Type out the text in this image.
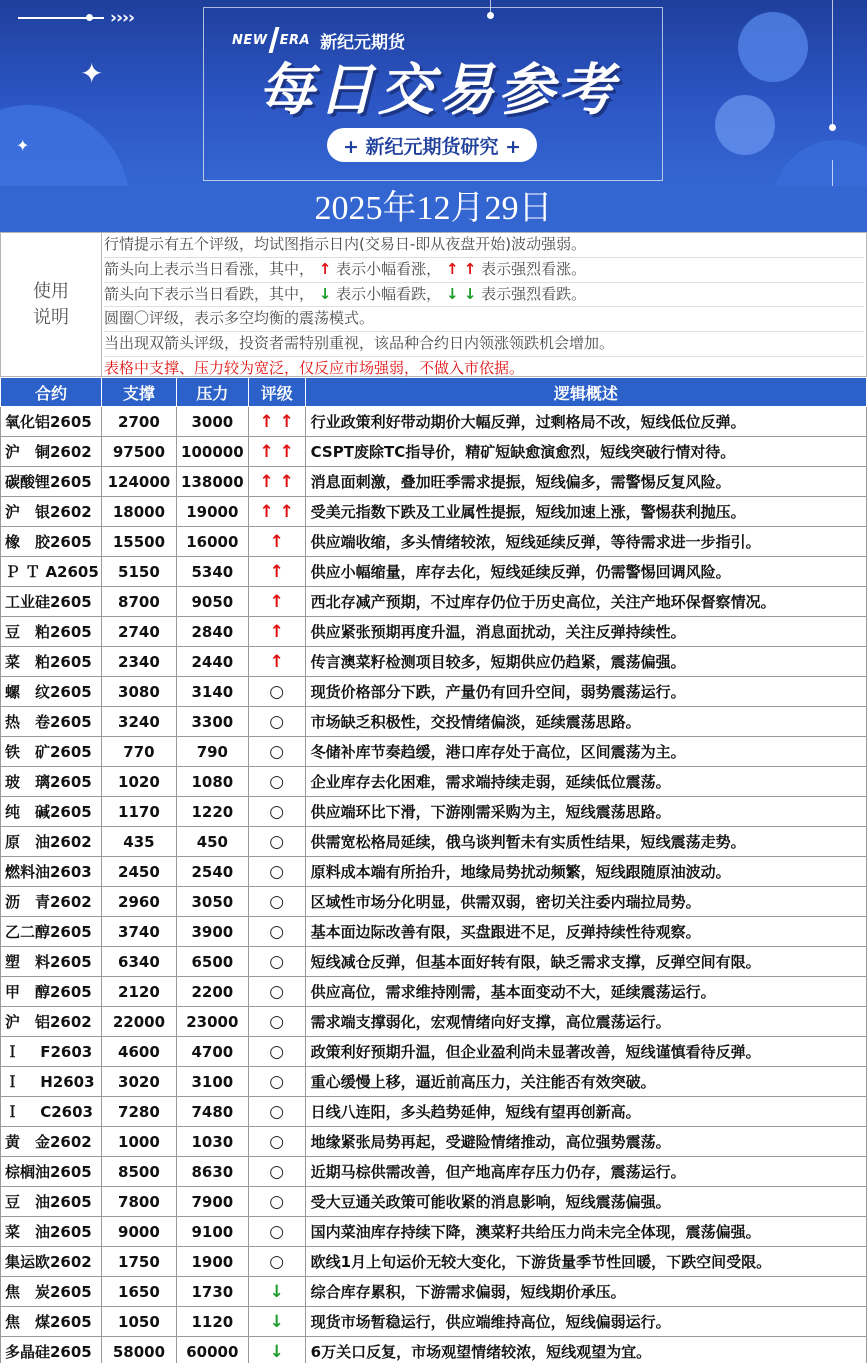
››››
✦
✦
NEW ERA 新纪元期货
每日交易参考
+ 新纪元期货研究 +
2025年12月29日
使用
说明
行情提示有五个评级，均试图指示日内(交易日-即从夜盘开始)波动强弱。
箭头向上表示当日看涨，其中， ↑ 表示小幅看涨， ↑ ↑ 表示强烈看涨。
箭头向下表示当日看跌，其中， ↓ 表示小幅看跌， ↓ ↓ 表示强烈看跌。
圆圈〇评级，表示多空均衡的震荡模式。
当出现双箭头评级，投资者需特别重视，该品种合约日内领涨领跌机会增加。
表格中支撑、压力较为宽泛，仅反应市场强弱，不做入市依据。
合约	支撑	压力	评级	逻辑概述
氧化铝2605	2700	3000	↑ ↑	行业政策利好带动期价大幅反弹，过剩格局不改，短线低位反弹。
沪　铜2602	97500	100000	↑ ↑	CSPT废除TC指导价，精矿短缺愈演愈烈，短线突破行情对待。
碳酸锂2605	124000	138000	↑ ↑	消息面刺激，叠加旺季需求提振，短线偏多，需警惕反复风险。
沪　银2602	18000	19000	↑ ↑	受美元指数下跌及工业属性提振，短线加速上涨，警惕获利抛压。
橡　胶2605	15500	16000	↑	供应端收缩，多头情绪较浓，短线延续反弹，等待需求进一步指引。
Ｐ Ｔ A2605	5150	5340	↑	供应小幅缩量，库存去化，短线延续反弹，仍需警惕回调风险。
工业硅2605	8700	9050	↑	西北存减产预期，不过库存仍位于历史高位，关注产地环保督察情况。
豆　粕2605	2740	2840	↑	供应紧张预期再度升温，消息面扰动，关注反弹持续性。
菜　粕2605	2340	2440	↑	传言澳菜籽检测项目较多，短期供应仍趋紧，震荡偏强。
螺　纹2605	3080	3140	○	现货价格部分下跌，产量仍有回升空间，弱势震荡运行。
热　卷2605	3240	3300	○	市场缺乏积极性，交投情绪偏淡，延续震荡思路。
铁　矿2605	770	790	○	冬储补库节奏趋缓，港口库存处于高位，区间震荡为主。
玻　璃2605	1020	1080	○	企业库存去化困难，需求端持续走弱，延续低位震荡。
纯　碱2605	1170	1220	○	供应端环比下滑，下游刚需采购为主，短线震荡思路。
原　油2602	435	450	○	供需宽松格局延续，俄乌谈判暂未有实质性结果，短线震荡走势。
燃料油2603	2450	2540	○	原料成本端有所抬升，地缘局势扰动频繁，短线跟随原油波动。
沥　青2602	2960	3050	○	区域性市场分化明显，供需双弱，密切关注委内瑞拉局势。
乙二醇2605	3740	3900	○	基本面边际改善有限，买盘跟进不足，反弹持续性待观察。
塑　料2605	6340	6500	○	短线减仓反弹，但基本面好转有限，缺乏需求支撑，反弹空间有限。
甲　醇2605	2120	2200	○	供应高位，需求维持刚需，基本面变动不大，延续震荡运行。
沪　铝2602	22000	23000	○	需求端支撑弱化，宏观情绪向好支撑，高位震荡运行。
Ｉ　 F2603	4600	4700	○	政策利好预期升温，但企业盈利尚未显著改善，短线谨慎看待反弹。
Ｉ　 H2603	3020	3100	○	重心缓慢上移，逼近前高压力，关注能否有效突破。
Ｉ　 C2603	7280	7480	○	日线八连阳，多头趋势延伸，短线有望再创新高。
黄　金2602	1000	1030	○	地缘紧张局势再起，受避险情绪推动，高位强势震荡。
棕榈油2605	8500	8630	○	近期马棕供需改善，但产地高库存压力仍存，震荡运行。
豆　油2605	7800	7900	○	受大豆通关政策可能收紧的消息影响，短线震荡偏强。
菜　油2605	9000	9100	○	国内菜油库存持续下降，澳菜籽共给压力尚未完全体现，震荡偏强。
集运欧2602	1750	1900	○	欧线1月上旬运价无较大变化，下游货量季节性回暖，下跌空间受限。
焦　炭2605	1650	1730	↓	综合库存累积，下游需求偏弱，短线期价承压。
焦　煤2605	1050	1120	↓	现货市场暂稳运行，供应端维持高位，短线偏弱运行。
多晶硅2605	58000	60000	↓	6万关口反复，市场观望情绪较浓，短线观望为宜。
